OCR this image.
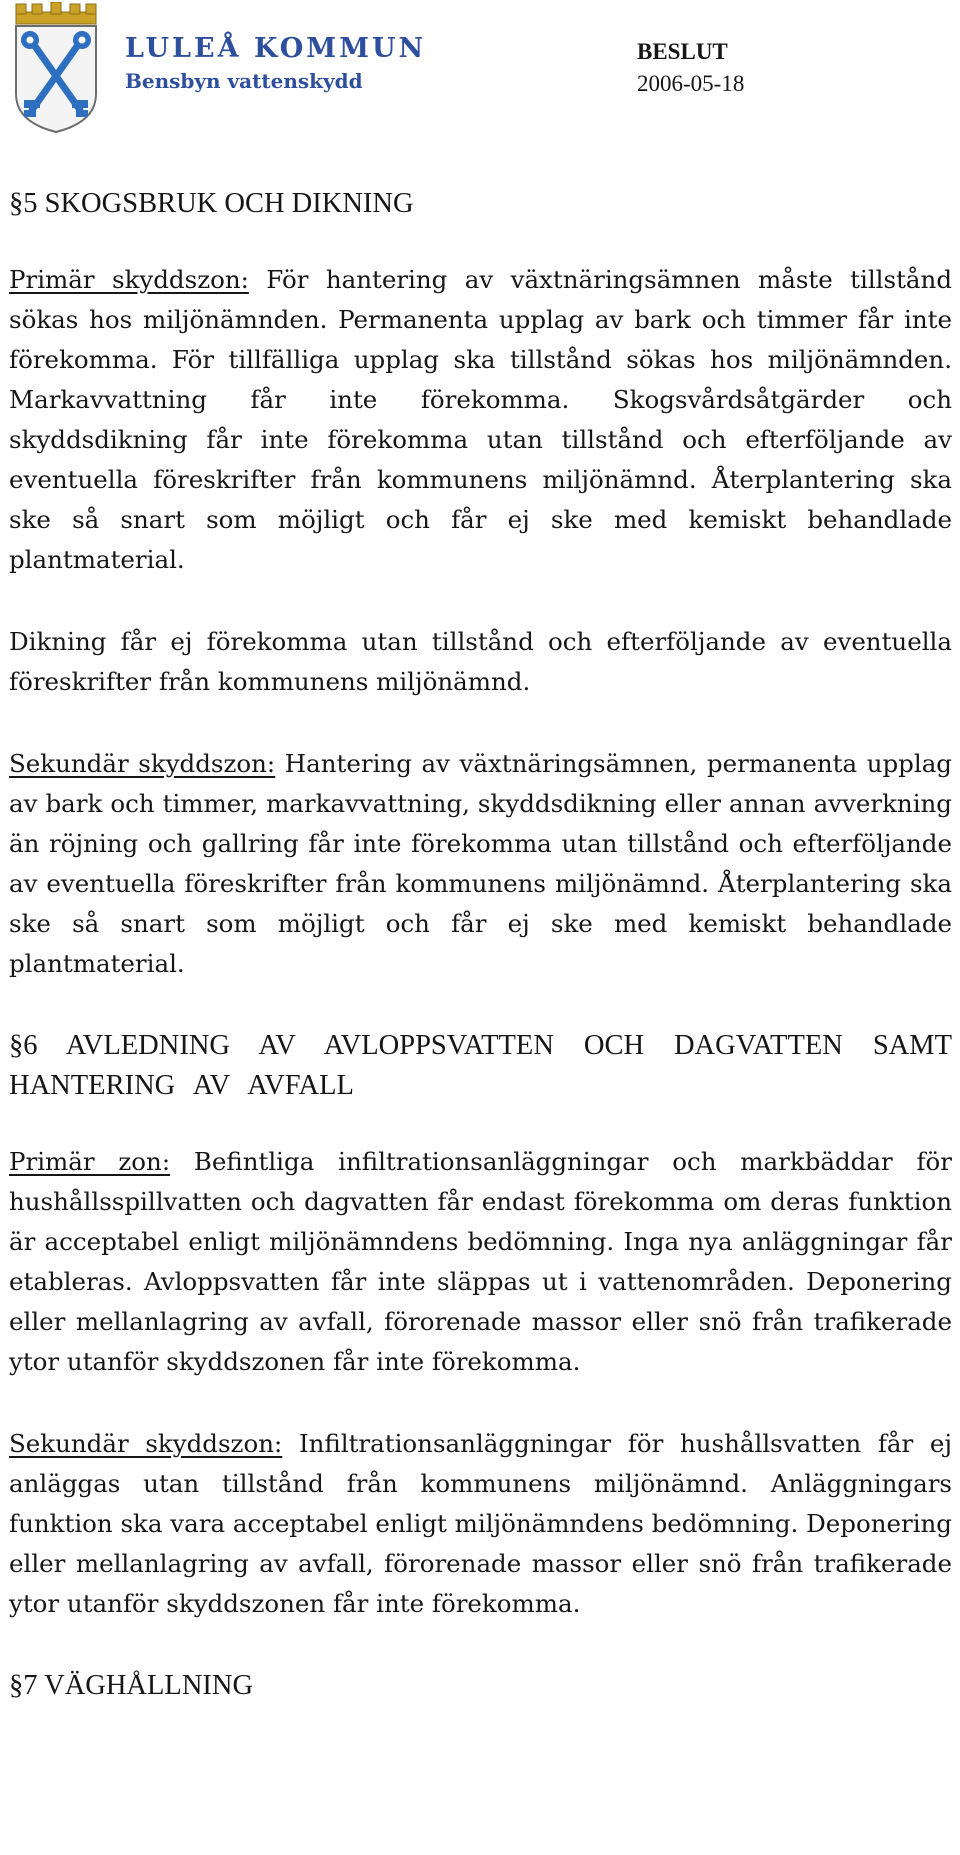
LULEÅ KOMMUN
Bensbyn vattenskydd
BESLUT
2006-05-18
§5 SKOGSBRUK OCH DIKNING

Primär skyddszon: För hantering av växtnäringsämnen måste tillstånd sökas hos miljönämnden. Permanenta upplag av bark och timmer får inte förekomma. För tillfälliga upplag ska tillstånd sökas hos miljönämnden. Markavvattning får inte förekomma. Skogsvårdsåtgärder och skyddsdikning får inte förekomma utan tillstånd och efterföljande av eventuella föreskrifter från kommunens miljönämnd. Återplantering ska ske så snart som möjligt och får ej ske med kemiskt behandlade plantmaterial.

Dikning får ej förekomma utan tillstånd och efterföljande av eventuella föreskrifter från kommunens miljönämnd.

Sekundär skyddszon: Hantering av växtnäringsämnen, permanenta upplag av bark och timmer, markavvattning, skyddsdikning eller annan avverkning än röjning och gallring får inte förekomma utan tillstånd och efterföljande av eventuella föreskrifter från kommunens miljönämnd. Återplantering ska ske så snart som möjligt och får ej ske med kemiskt behandlade plantmaterial.

§6 AVLEDNING AV AVLOPPSVATTEN OCH DAGVATTEN SAMT HANTERING AV AVFALL

Primär zon: Befintliga infiltrationsanläggningar och markbäddar för hushållsspillvatten och dagvatten får endast förekomma om deras funktion är acceptabel enligt miljönämndens bedömning. Inga nya anläggningar får etableras. Avloppsvatten får inte släppas ut i vattenområden. Deponering eller mellanlagring av avfall, förorenade massor eller snö från trafikerade ytor utanför skyddszonen får inte förekomma.

Sekundär skyddszon: Infiltrationsanläggningar för hushållsvatten får ej anläggas utan tillstånd från kommunens miljönämnd. Anläggningars funktion ska vara acceptabel enligt miljönämndens bedömning. Deponering eller mellanlagring av avfall, förorenade massor eller snö från trafikerade ytor utanför skyddszonen får inte förekomma.

§7 VÄGHÅLLNING
